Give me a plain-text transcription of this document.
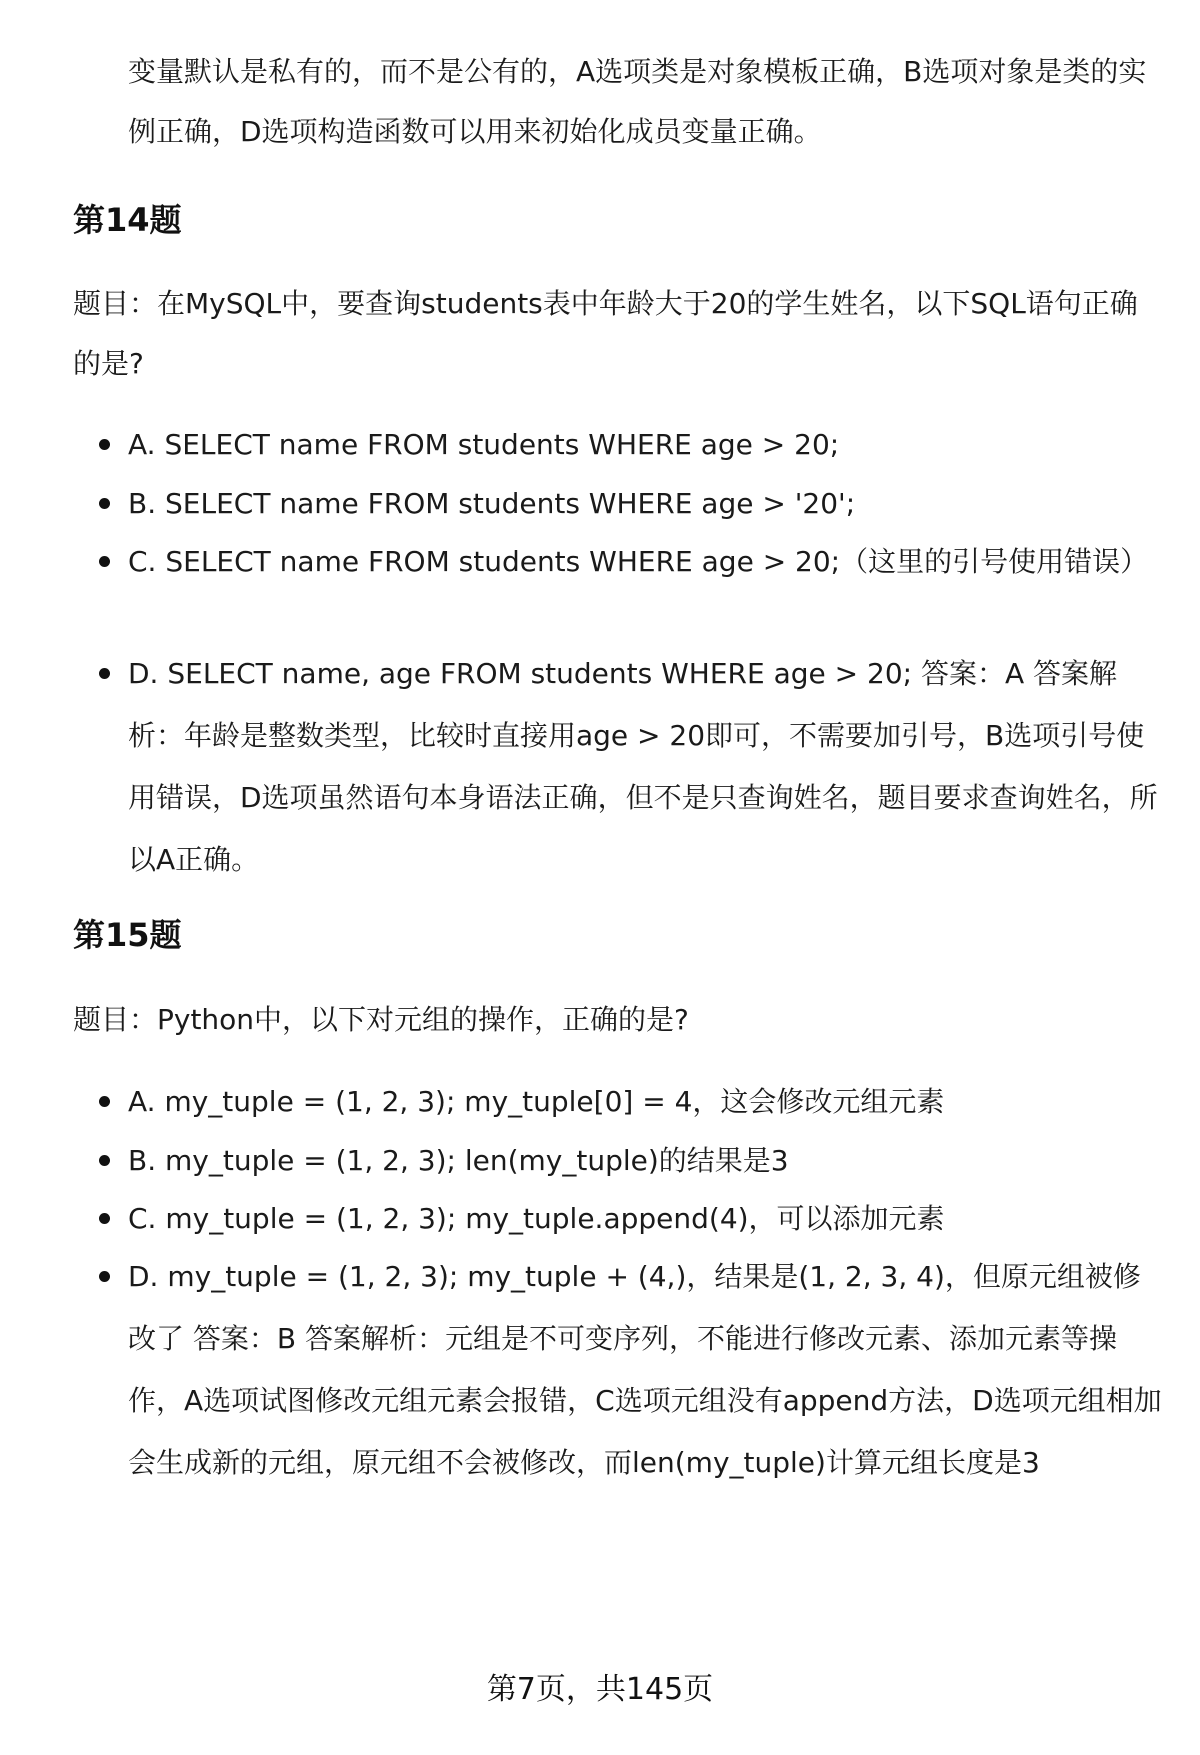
变量默认是私有的，而不是公有的，A选项类是对象模板正确，B选项对象是类的实例正确，D选项构造函数可以用来初始化成员变量正确。

第14题

题目：在MySQL中，要查询students表中年龄大于20的学生姓名，以下SQL语句正确的是?

A. SELECT name FROM students WHERE age > 20;

B. SELECT name FROM students WHERE age > '20';

C. SELECT name FROM students WHERE age > 20;（这里的引号使用错误）

D. SELECT name, age FROM students WHERE age > 20; 答案：A 答案解析：年龄是整数类型，比较时直接用age > 20即可，不需要加引号，B选项引号使用错误，D选项虽然语句本身语法正确，但不是只查询姓名，题目要求查询姓名，所以A正确。

第15题

题目：Python中，以下对元组的操作，正确的是?

A. my_tuple = (1, 2, 3); my_tuple[0] = 4，这会修改元组元素

B. my_tuple = (1, 2, 3); len(my_tuple)的结果是3

C. my_tuple = (1, 2, 3); my_tuple.append(4)，可以添加元素

D. my_tuple = (1, 2, 3); my_tuple + (4,)，结果是(1, 2, 3, 4)，但原元组被修改了 答案：B 答案解析：元组是不可变序列，不能进行修改元素、添加元素等操作，A选项试图修改元组元素会报错，C选项元组没有append方法，D选项元组相加会生成新的元组，原元组不会被修改，而len(my_tuple)计算元组长度是3

第7页，共145页
